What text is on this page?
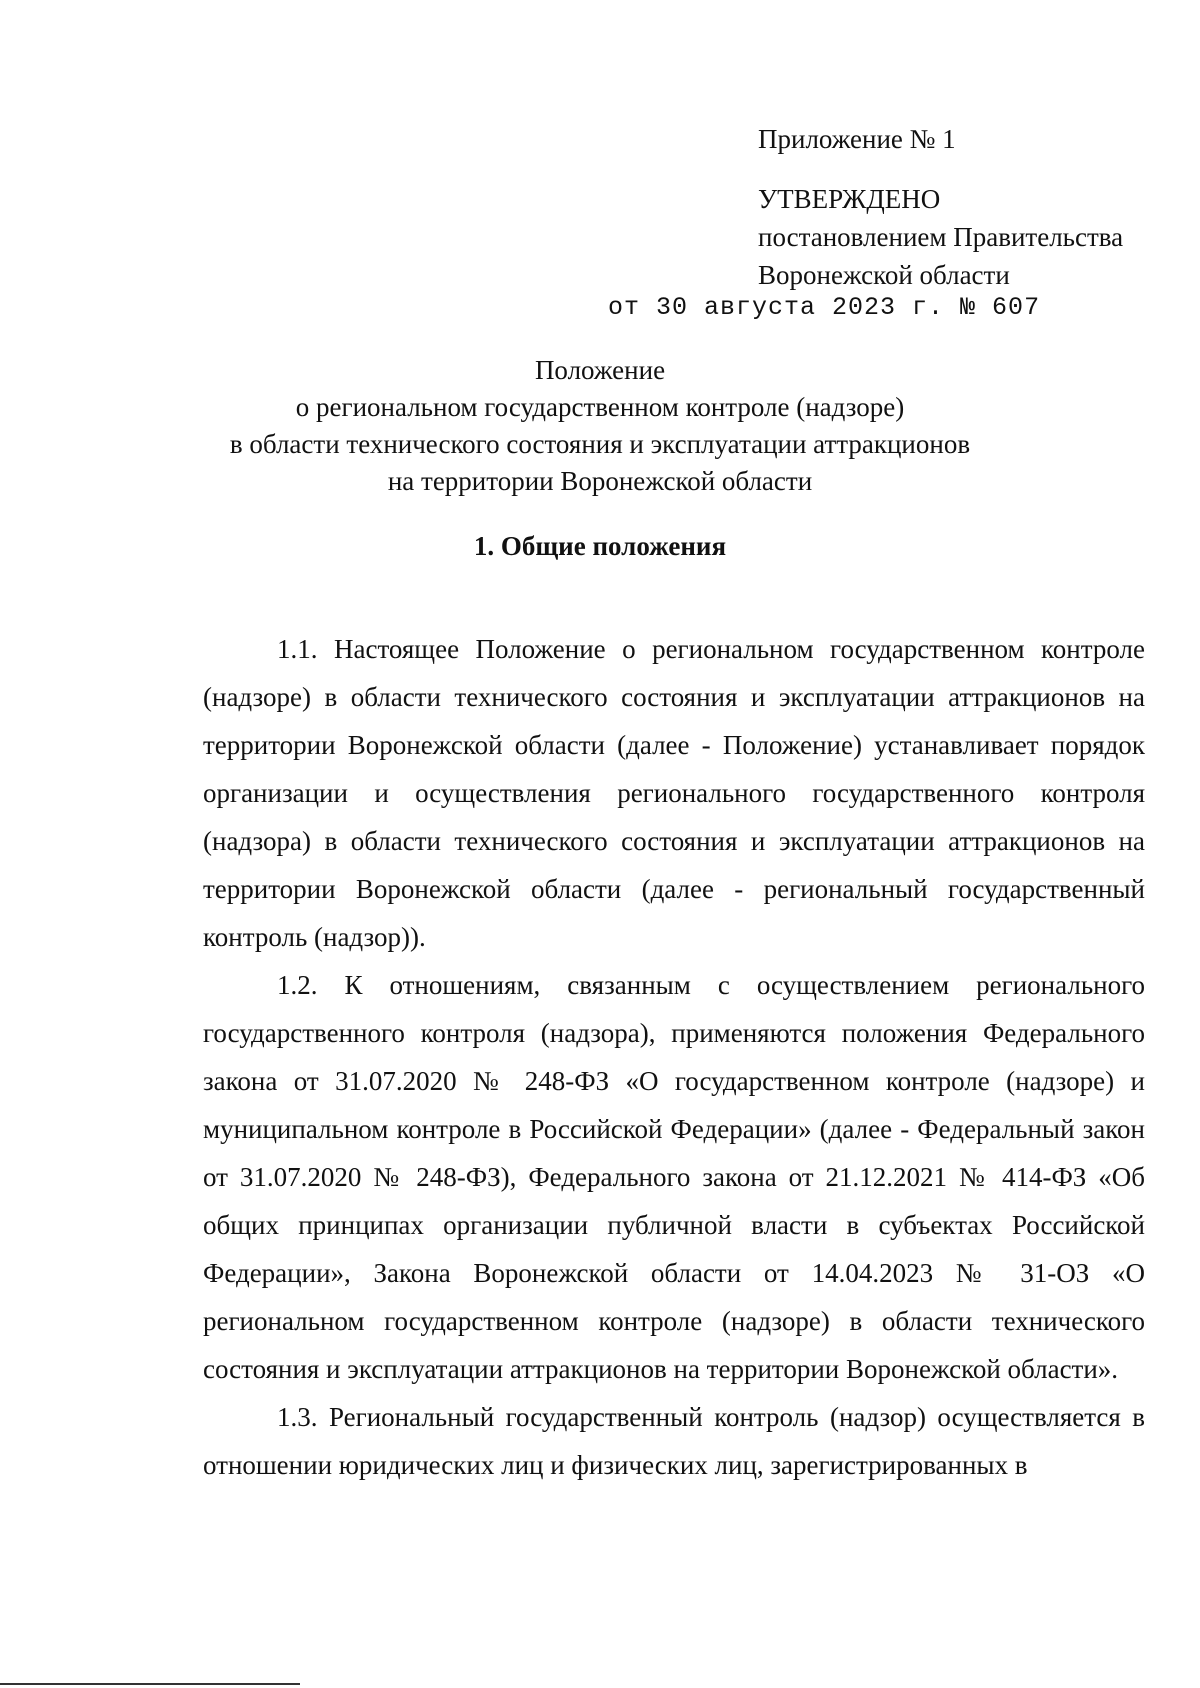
Приложение № 1
УТВЕРЖДЕНО
постановлением Правительства
Воронежской области
от 30 августа 2023 г. № 607
Положение
о региональном государственном контроле (надзоре)
в области технического состояния и эксплуатации аттракционов
на территории Воронежской области
1. Общие положения

1.1. Настоящее Положение о региональном государственном контроле (надзоре) в области технического состояния и эксплуатации аттракционов на территории Воронежской области (далее - Положение) устанавливает порядок организации и осуществления регионального государственного контроля (надзора) в области технического состояния и эксплуатации аттракционов на территории Воронежской области (далее - региональный государственный контроль (надзор)).

1.2. К отношениям, связанным с осуществлением регионального государственного контроля (надзора), применяются положения Федерального закона от 31.07.2020 № 248-ФЗ «О государственном контроле (надзоре) и муниципальном контроле в Российской Федерации» (далее - Федеральный закон от 31.07.2020 № 248-ФЗ), Федерального закона от 21.12.2021 № 414-ФЗ «Об общих принципах организации публичной власти в субъектах Российской Федерации», Закона Воронежской области от 14.04.2023 № 31-ОЗ «О региональном государственном контроле (надзоре) в области технического состояния и эксплуатации аттракционов на территории Воронежской области».

1.3. Региональный государственный контроль (надзор) осуществляется в отношении юридических лиц и физических лиц, зарегистрированных в
